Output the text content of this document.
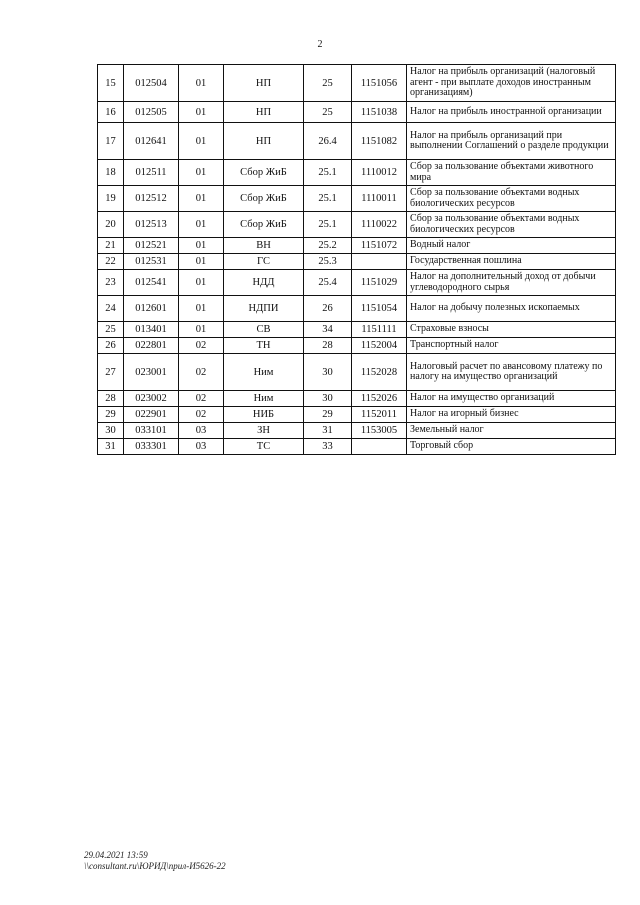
2
15	012504	01	НП	25	1151056	Налог на прибыль организаций (налоговый агент - при выплате доходов иностранным организациям)
16	012505	01	НП	25	1151038	Налог на прибыль иностранной организации
17	012641	01	НП	26.4	1151082	Налог на прибыль организаций при выполнении Соглашений о разделе продукции
18	012511	01	Сбор ЖиБ	25.1	1110012	Сбор за пользование объектами животного мира
19	012512	01	Сбор ЖиБ	25.1	1110011	Сбор за пользование объектами водных биологических ресурсов
20	012513	01	Сбор ЖиБ	25.1	1110022	Сбор за пользование объектами водных биологических ресурсов
21	012521	01	ВН	25.2	1151072	Водный налог
22	012531	01	ГС	25.3		Государственная пошлина
23	012541	01	НДД	25.4	1151029	Налог на дополнительный доход от добычи углеводородного сырья
24	012601	01	НДПИ	26	1151054	Налог на добычу полезных ископаемых
25	013401	01	СВ	34	1151111	Страховые взносы
26	022801	02	ТН	28	1152004	Транспортный налог
27	023001	02	Ним	30	1152028	Налоговый расчет по авансовому платежу по налогу на имущество организаций
28	023002	02	Ним	30	1152026	Налог на имущество организаций
29	022901	02	НИБ	29	1152011	Налог на игорный бизнес
30	033101	03	ЗН	31	1153005	Земельный налог
31	033301	03	ТС	33		Торговый сбор
29.04.2021 13:59
\\consultant.ru\ЮРИД\прил-И5626-22
